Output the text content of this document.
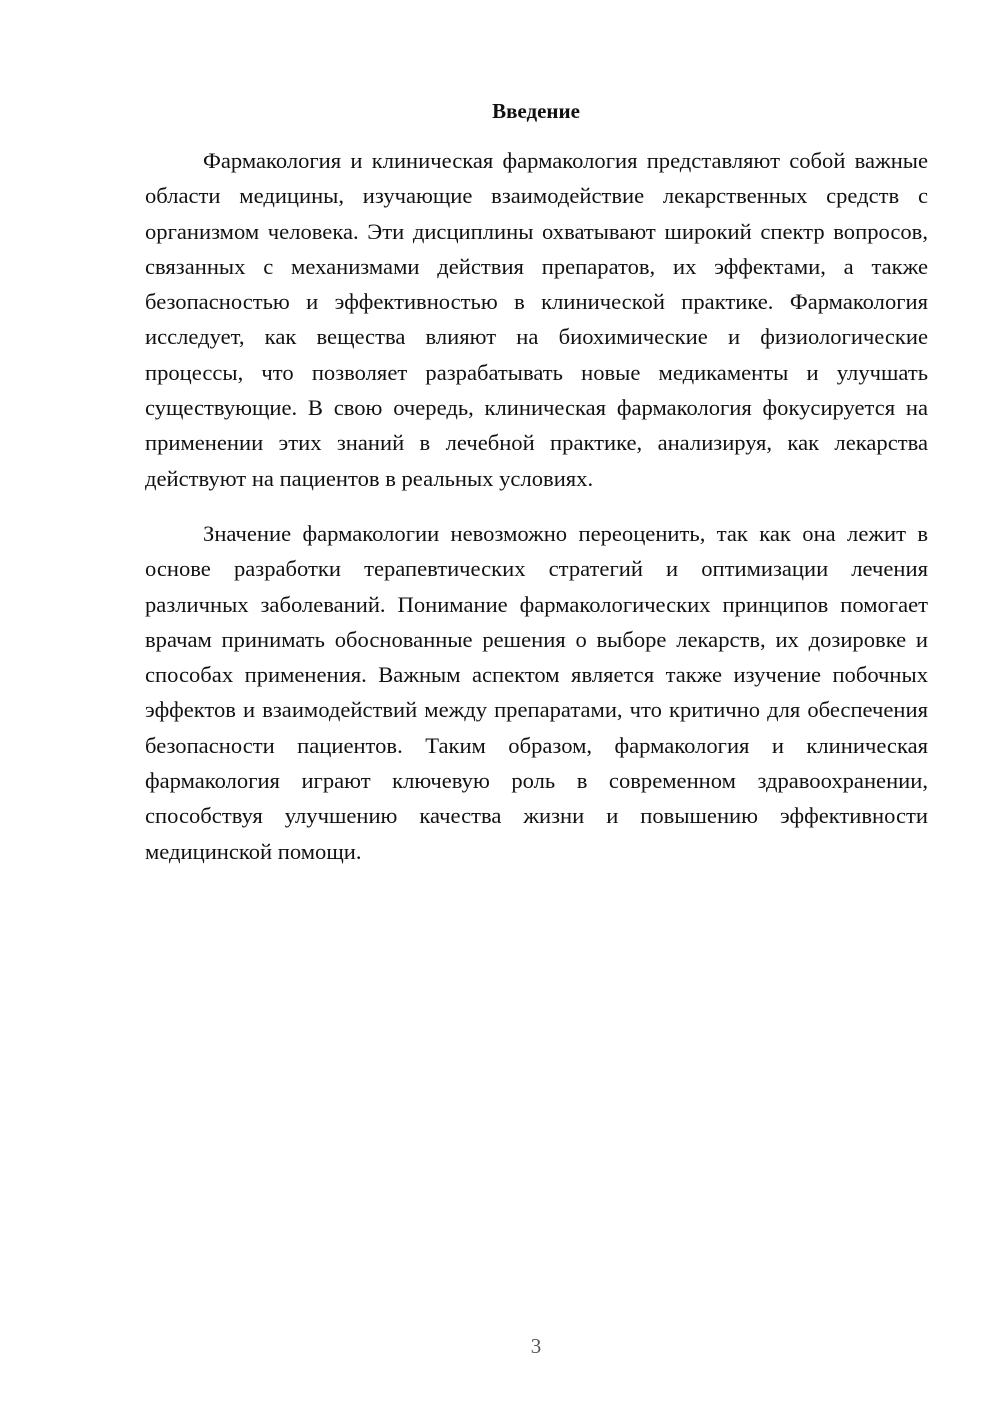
Введение

Фармакология и клиническая фармакология представляют собой важные области медицины, изучающие взаимодействие лекарственных средств с организмом человека. Эти дисциплины охватывают широкий спектр вопросов, связанных с механизмами действия препаратов, их эффектами, а также безопасностью и эффективностью в клинической практике. Фармакология исследует, как вещества влияют на биохимические и физиологические процессы, что позволяет разрабатывать новые медикаменты и улучшать существующие. В свою очередь, клиническая фармакология фокусируется на применении этих знаний в лечебной практике, анализируя, как лекарства действуют на пациентов в реальных условиях.

Значение фармакологии невозможно переоценить, так как она лежит в основе разработки терапевтических стратегий и оптимизации лечения различных заболеваний. Понимание фармакологических принципов помогает врачам принимать обоснованные решения о выборе лекарств, их дозировке и способах применения. Важным аспектом является также изучение побочных эффектов и взаимодействий между препаратами, что критично для обеспечения безопасности пациентов. Таким образом, фармакология и клиническая фармакология играют ключевую роль в современном здравоохранении, способствуя улучшению качества жизни и повышению эффективности медицинской помощи.

3
